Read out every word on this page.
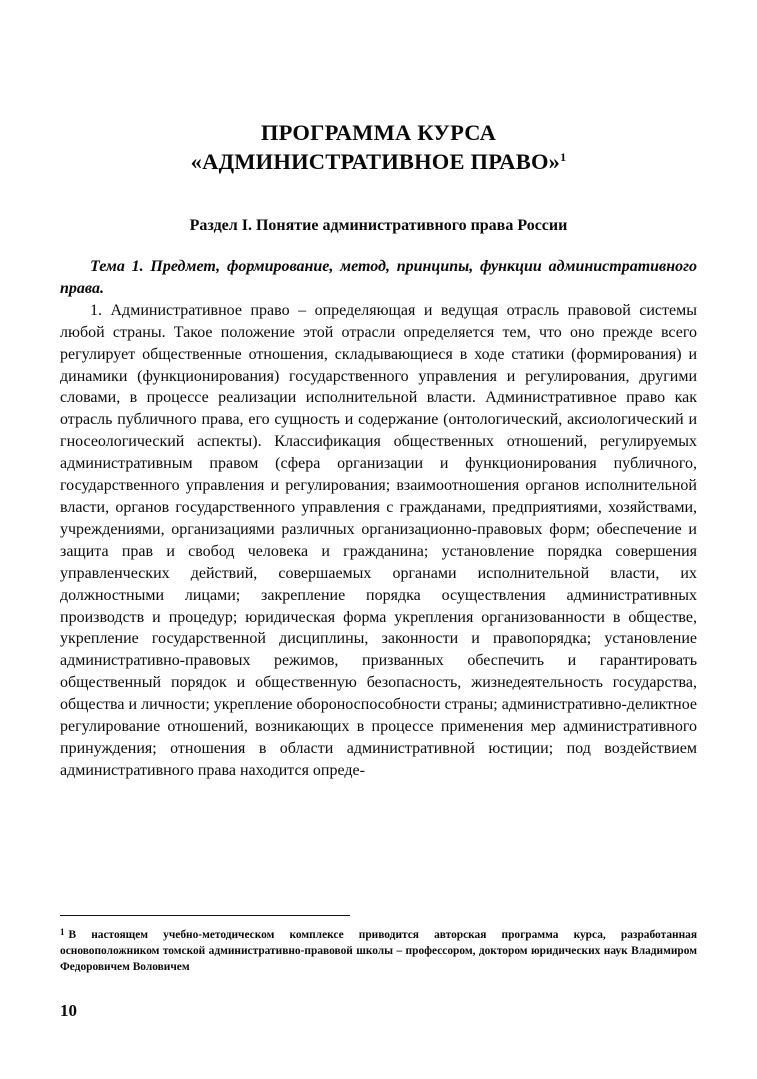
ПРОГРАММА КУРСА
«АДМИНИСТРАТИВНОЕ ПРАВО»$^1$
Раздел I. Понятие административного права России

Тема 1. Предмет, формирование, метод, принципы, функции административного права.

1. Административное право – определяющая и ведущая отрасль правовой системы любой страны. Такое положение этой отрасли определяется тем, что оно прежде всего регулирует общественные отношения, складывающиеся в ходе статики (формирования) и динамики (функционирования) государственного управления и регулирования, другими словами, в процессе реализации исполнительной власти. Административное право как отрасль публичного права, его сущность и содержание (онтологический, аксиологический и гносеологический аспекты). Классификация общественных отношений, регулируемых административным правом (сфера организации и функционирования публичного, государственного управления и регулирования; взаимоотношения органов исполнительной власти, органов государственного управления с гражданами, предприятиями, хозяйствами, учреждениями, организациями различных организационно-правовых форм; обеспечение и защита прав и свобод человека и гражданина; установление порядка совершения управленческих действий, совершаемых органами исполнительной власти, их должностными лицами; закрепление порядка осуществления административных производств и процедур; юридическая форма укрепления организованности в обществе, укрепление государственной дисциплины, законности и правопорядка; установление административно-правовых режимов, призванных обеспечить и гарантировать общественный порядок и общественную безопасность, жизнедеятельность государства, общества и личности; укрепление обороноспособности страны; административно-деликтное регулирование отношений, возникающих в процессе применения мер административного принуждения; отношения в области административной юстиции; под воздействием административного права находится опреде-

$^1$ В настоящем учебно-методическом комплексе приводится авторская программа курса, разработанная основоположником томской административно-правовой школы – профессором, доктором юридических наук Владимиром Федоровичем Воловичем
10
